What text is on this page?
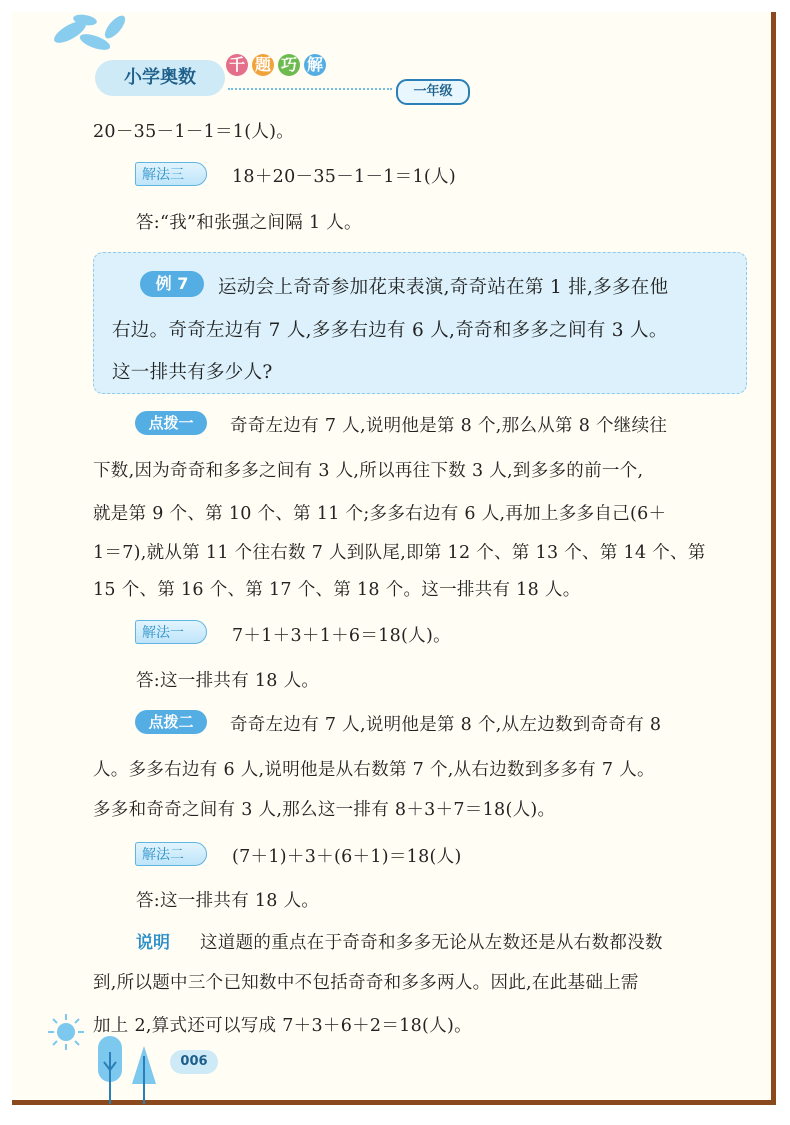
小学奥数
千 题 巧 解
一年级
20－35－1－1＝1(人)。
解法三	18＋20－35－1－1＝1(人)
答:“我”和张强之间隔 1 人。
例 7	运动会上奇奇参加花束表演,奇奇站在第 1 排,多多在他
右边。奇奇左边有 7 人,多多右边有 6 人,奇奇和多多之间有 3 人。
这一排共有多少人?
点拨一	奇奇左边有 7 人,说明他是第 8 个,那么从第 8 个继续往
下数,因为奇奇和多多之间有 3 人,所以再往下数 3 人,到多多的前一个,
就是第 9 个、第 10 个、第 11 个;多多右边有 6 人,再加上多多自己(6＋
1＝7),就从第 11 个往右数 7 人到队尾,即第 12 个、第 13 个、第 14 个、第
15 个、第 16 个、第 17 个、第 18 个。这一排共有 18 人。
解法一	7＋1＋3＋1＋6＝18(人)。
答:这一排共有 18 人。
点拨二	奇奇左边有 7 人,说明他是第 8 个,从左边数到奇奇有 8
人。多多右边有 6 人,说明他是从右数第 7 个,从右边数到多多有 7 人。
多多和奇奇之间有 3 人,那么这一排有 8＋3＋7＝18(人)。
解法二	(7＋1)＋3＋(6＋1)＝18(人)
答:这一排共有 18 人。
说明 这道题的重点在于奇奇和多多无论从左数还是从右数都没数
到,所以题中三个已知数中不包括奇奇和多多两人。因此,在此基础上需
加上 2,算式还可以写成 7＋3＋6＋2＝18(人)。
006
